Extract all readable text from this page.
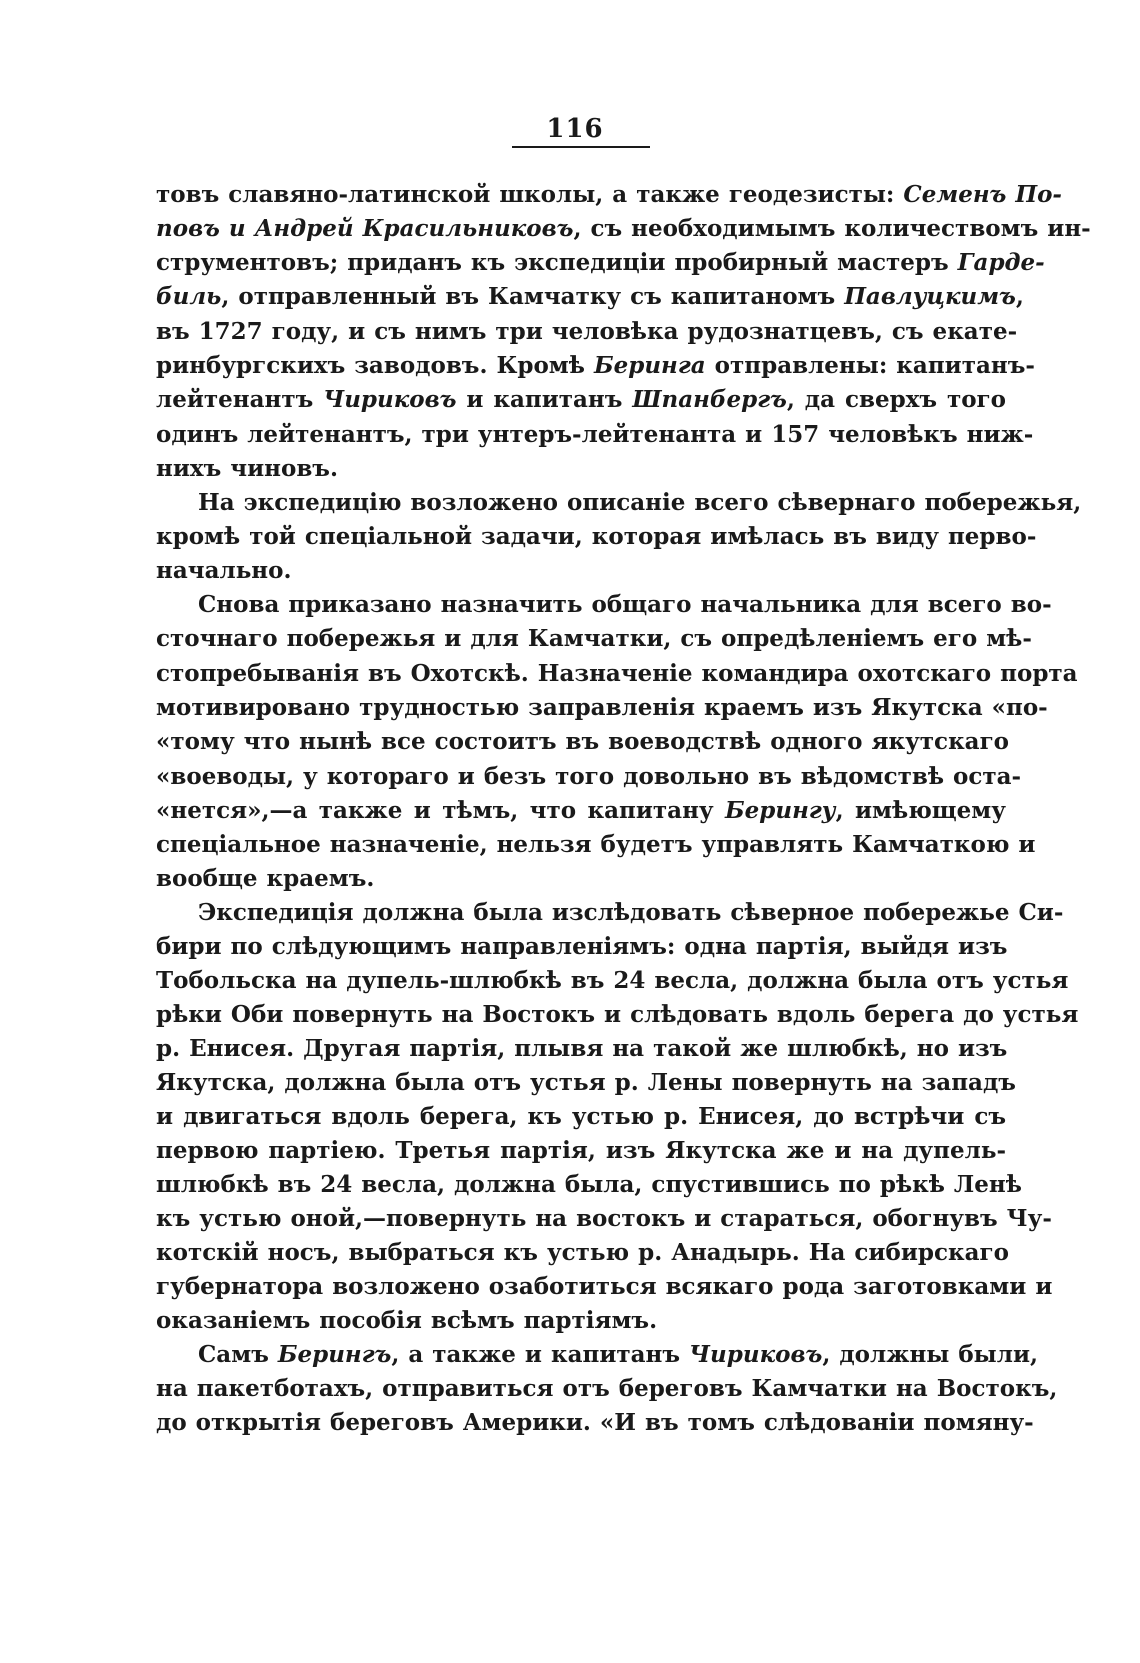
116
товъ славяно-латинской школы, а также геодезисты: Семенъ По-
повъ и Андрей Красильниковъ, съ необходимымъ количествомъ ин-
струментовъ; приданъ къ экспедиціи пробирный мастеръ Гарде-
биль, отправленный въ Камчатку съ капитаномъ Павлуцкимъ,
въ 1727 году, и съ нимъ три человѣка рудознатцевъ, съ екате-
ринбургскихъ заводовъ. Кромѣ Беринга отправлены: капитанъ-
лейтенантъ Чириковъ и капитанъ Шпанбергъ, да сверхъ того
одинъ лейтенантъ, три унтеръ-лейтенанта и 157 человѣкъ ниж-
нихъ чиновъ.
На экспедицію возложено описаніе всего сѣвернаго побережья,
кромѣ той спеціальной задачи, которая имѣлась въ виду перво-
начально.
Снова приказано назначить общаго начальника для всего во-
сточнаго побережья и для Камчатки, съ опредѣленіемъ его мѣ-
стопребыванія въ Охотскѣ. Назначеніе командира охотскаго порта
мотивировано трудностью заправленія краемъ изъ Якутска «по-
«тому что нынѣ все состоитъ въ воеводствѣ одного якутскаго
«воеводы, у котораго и безъ того довольно въ вѣдомствѣ оста-
«нется»,—а также и тѣмъ, что капитану Берингу, имѣющему
спеціальное назначеніе, нельзя будетъ управлять Камчаткою и
вообще краемъ.
Экспедиція должна была изслѣдовать сѣверное побережье Си-
бири по слѣдующимъ направленіямъ: одна партія, выйдя изъ
Тобольска на дупель-шлюбкѣ въ 24 весла, должна была отъ устья
рѣки Оби повернуть на Востокъ и слѣдовать вдоль берега до устья
р. Енисея. Другая партія, плывя на такой же шлюбкѣ, но изъ
Якутска, должна была отъ устья р. Лены повернуть на западъ
и двигаться вдоль берега, къ устью р. Енисея, до встрѣчи съ
первою партіею. Третья партія, изъ Якутска же и на дупель-
шлюбкѣ въ 24 весла, должна была, спустившись по рѣкѣ Ленѣ
къ устью оной,—повернуть на востокъ и стараться, обогнувъ Чу-
котскій носъ, выбраться къ устью р. Анадырь. На сибирскаго
губернатора возложено озаботиться всякаго рода заготовками и
оказаніемъ пособія всѣмъ партіямъ.
Самъ Берингъ, а также и капитанъ Чириковъ, должны были,
на пакетботахъ, отправиться отъ береговъ Камчатки на Востокъ,
до открытія береговъ Америки. «И въ томъ слѣдованіи помяну-
